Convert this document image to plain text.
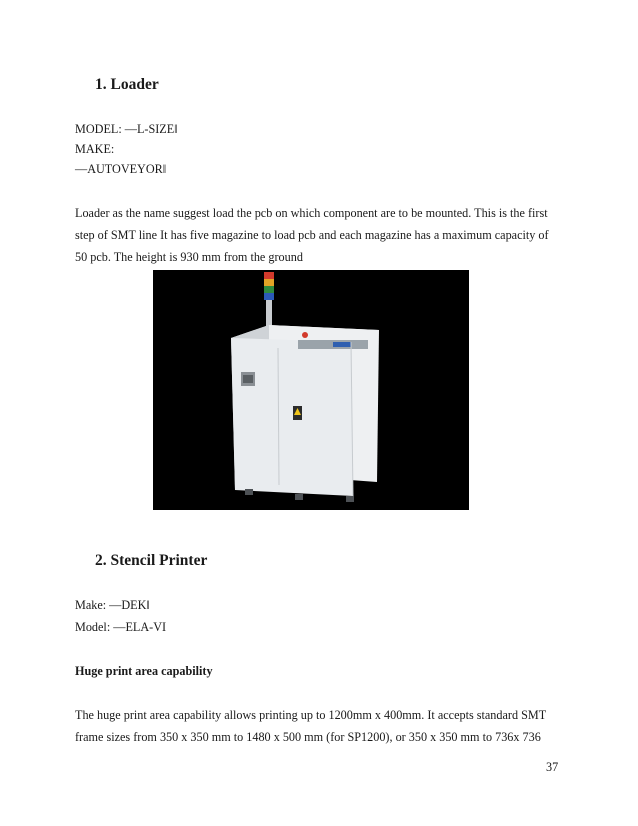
1. Loader
MODEL: ―L-SIZE‖
MAKE:
―AUTOVEYOR‖
Loader as the name suggest load the pcb on which component are to be mounted. This is the first
step of SMT line It has five magazine to load pcb and each magazine has a maximum capacity of
50 pcb. The height is 930 mm from the ground
2. Stencil Printer
Make: ―DEK‖
Model: ―ELA-VI
Huge print area capability
The huge print area capability allows printing up to 1200mm x 400mm. It accepts standard SMT
frame sizes from 350 x 350 mm to 1480 x 500 mm (for SP1200), or 350 x 350 mm to 736x 736
37
